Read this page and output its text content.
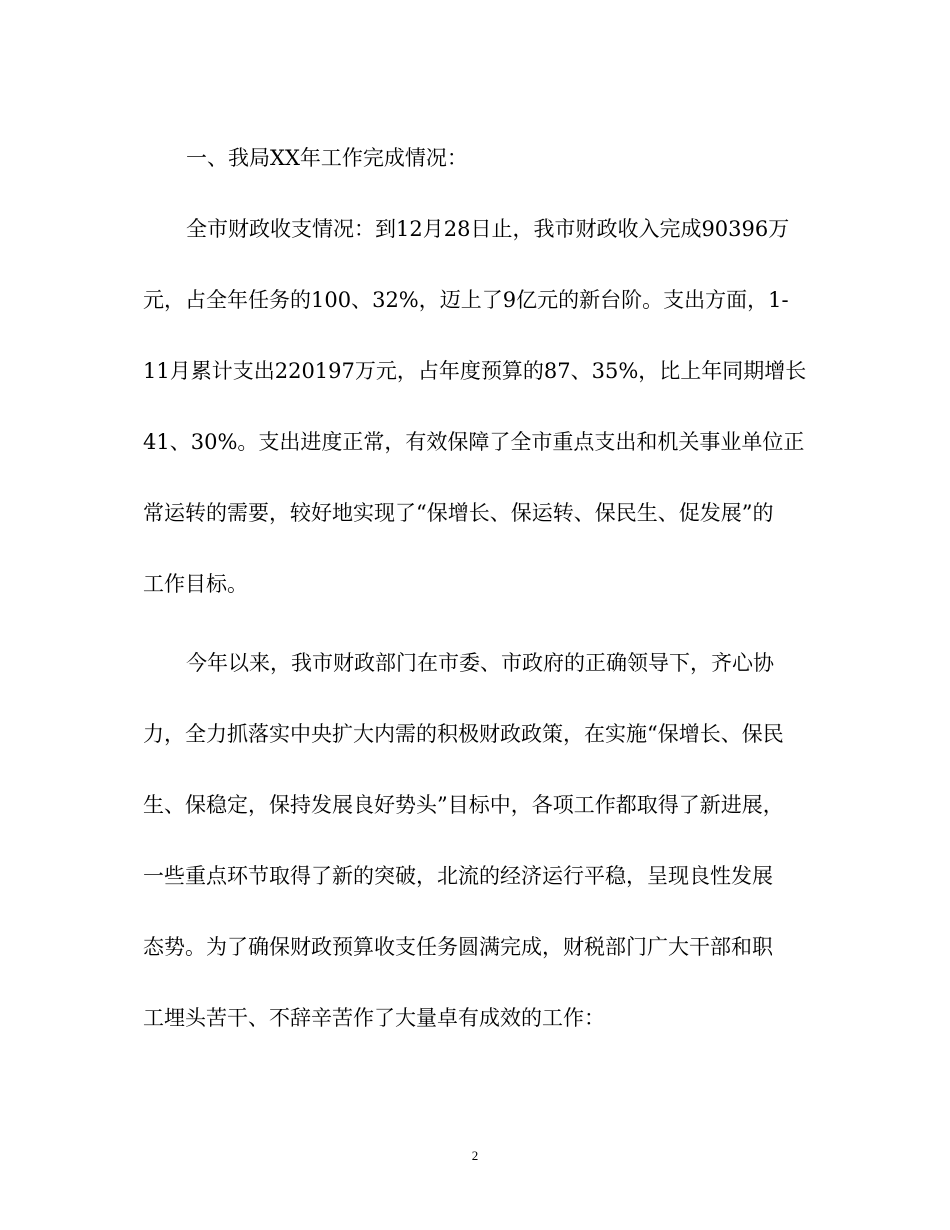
一、我局XX年工作完成情况：
全市财政收支情况：到12月28日止，我市财政收入完成90396万
元，占全年任务的100、32%，迈上了9亿元的新台阶。支出方面，1-
11月累计支出220197万元，占年度预算的87、35%，比上年同期增长
41、30%。支出进度正常，有效保障了全市重点支出和机关事业单位正
常运转的需要，较好地实现了“保增长、保运转、保民生、促发展”的
工作目标。
今年以来，我市财政部门在市委、市政府的正确领导下，齐心协
力，全力抓落实中央扩大内需的积极财政政策，在实施“保增长、保民
生、保稳定，保持发展良好势头”目标中，各项工作都取得了新进展，
一些重点环节取得了新的突破，北流的经济运行平稳，呈现良性发展
态势。为了确保财政预算收支任务圆满完成，财税部门广大干部和职
工埋头苦干、不辞辛苦作了大量卓有成效的工作：
2
